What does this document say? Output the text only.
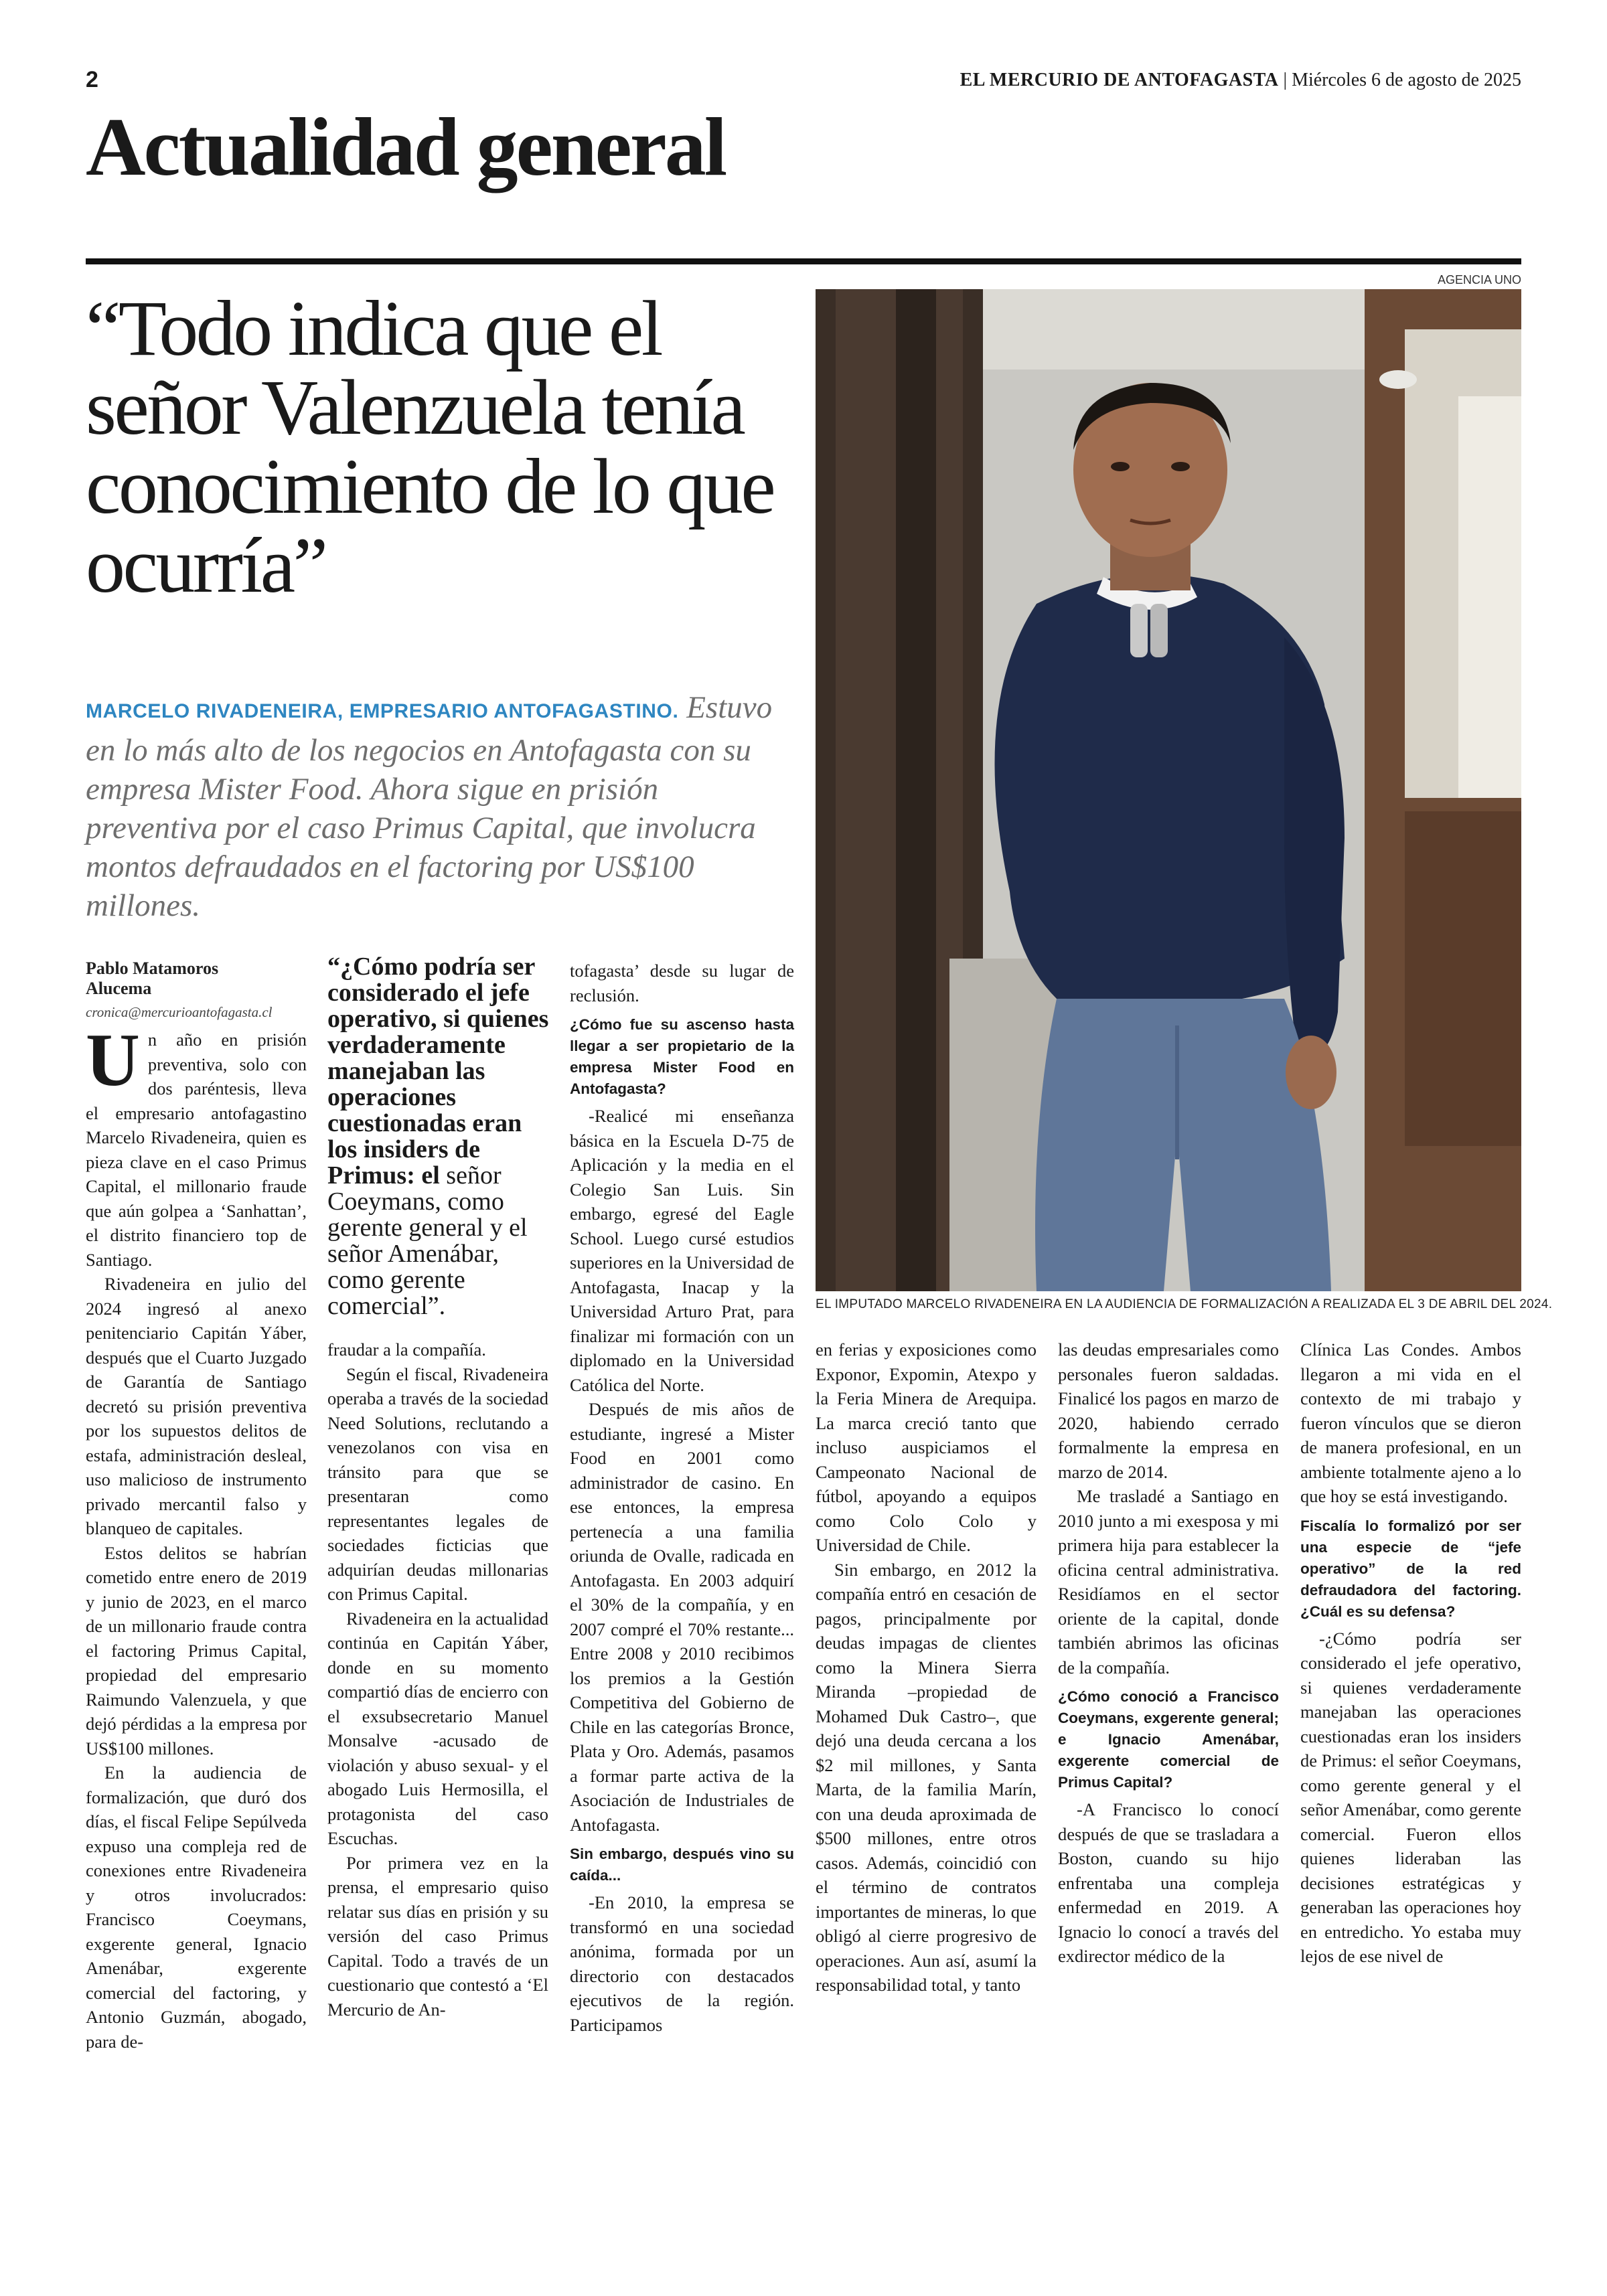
2	EL MERCURIO DE ANTOFAGASTA | Miércoles 6 de agosto de 2025
Actualidad general
AGENCIA UNO
“Todo indica que el señor Valenzuela tenía conocimiento de lo que ocurría”
EL IMPUTADO MARCELO RIVADENEIRA EN LA AUDIENCIA DE FORMALIZACIÓN A REALIZADA EL 3 DE ABRIL DEL 2024.
MARCELO RIVADENEIRA, EMPRESARIO ANTOFAGASTINO. Estuvo en lo más alto de los negocios en Antofagasta con su empresa Mister Food. Ahora sigue en prisión preventiva por el caso Primus Capital, que involucra montos defraudados en el factoring por US$100 millones.
Pablo Matamoros Alucema
cronica@mercurioantofagasta.cl
“¿Cómo podría ser considerado el jefe operativo, si quienes verdaderamente manejaban las operaciones cuestionadas eran los insiders de Primus: el señor Coeymans, como gerente general y el señor Amenábar, como gerente comercial”.

Un año en prisión preventiva, solo con dos paréntesis, lleva el empresario antofagastino Marcelo Rivadeneira, quien es pieza clave en el caso Primus Capital, el millonario fraude que aún golpea a ‘Sanhattan’, el distrito financiero top de Santiago.

Rivadeneira en julio del 2024 ingresó al anexo penitenciario Capitán Yáber, después que el Cuarto Juzgado de Garantía de Santiago decretó su prisión preventiva por los supuestos delitos de estafa, administración desleal, uso malicioso de instrumento privado mercantil falso y blanqueo de capitales.

Estos delitos se habrían cometido entre enero de 2019 y junio de 2023, en el marco de un millonario fraude contra el factoring Primus Capital, propiedad del empresario Raimundo Valenzuela, y que dejó pérdidas a la empresa por US$100 millones.

En la audiencia de formalización, que duró dos días, el fiscal Felipe Sepúlveda expuso una compleja red de conexiones entre Rivadeneira y otros involucrados: Francisco Coeymans, exgerente general, Ignacio Amenábar, exgerente comercial del factoring, y Antonio Guzmán, abogado, para de-

fraudar a la compañía.

Según el fiscal, Rivadeneira operaba a través de la sociedad Need Solutions, reclutando a venezolanos con visa en tránsito para que se presentaran como representantes legales de sociedades ficticias que adquirían deudas millonarias con Primus Capital.

Rivadeneira en la actualidad continúa en Capitán Yáber, donde en su momento compartió días de encierro con el exsubsecretario Manuel Monsalve -acusado de violación y abuso sexual- y el abogado Luis Hermosilla, el protagonista del caso Escuchas.

Por primera vez en la prensa, el empresario quiso relatar sus días en prisión y su versión del caso Primus Capital. Todo a través de un cuestionario que contestó a ‘El Mercurio de An-

tofagasta’ desde su lugar de reclusión.

¿Cómo fue su ascenso hasta llegar a ser propietario de la empresa Mister Food en Antofagasta?

-Realicé mi enseñanza básica en la Escuela D-75 de Aplicación y la media en el Colegio San Luis. Sin embargo, egresé del Eagle School. Luego cursé estudios superiores en la Universidad de Antofagasta, Inacap y la Universidad Arturo Prat, para finalizar mi formación con un diplomado en la Universidad Católica del Norte.

Después de mis años de estudiante, ingresé a Mister Food en 2001 como administrador de casino. En ese entonces, la empresa pertenecía a una familia oriunda de Ovalle, radicada en Antofagasta. En 2003 adquirí el 30% de la compañía, y en 2007 compré el 70% restante... Entre 2008 y 2010 recibimos los premios a la Gestión Competitiva del Gobierno de Chile en las categorías Bronce, Plata y Oro. Además, pasamos a formar parte activa de la Asociación de Industriales de Antofagasta.

Sin embargo, después vino su caída...

-En 2010, la empresa se transformó en una sociedad anónima, formada por un directorio con destacados ejecutivos de la región. Participamos

en ferias y exposiciones como Exponor, Expomin, Atexpo y la Feria Minera de Arequipa. La marca creció tanto que incluso auspiciamos el Campeonato Nacional de fútbol, apoyando a equipos como Colo Colo y Universidad de Chile.

Sin embargo, en 2012 la compañía entró en cesación de pagos, principalmente por deudas impagas de clientes como la Minera Sierra Miranda –propiedad de Mohamed Duk Castro–, que dejó una deuda cercana a los $2 mil millones, y Santa Marta, de la familia Marín, con una deuda aproximada de $500 millones, entre otros casos. Además, coincidió con el término de contratos importantes de mineras, lo que obligó al cierre progresivo de operaciones. Aun así, asumí la responsabilidad total, y tanto

las deudas empresariales como personales fueron saldadas. Finalicé los pagos en marzo de 2020, habiendo cerrado formalmente la empresa en marzo de 2014.

Me trasladé a Santiago en 2010 junto a mi exesposa y mi primera hija para establecer la oficina central administrativa. Residíamos en el sector oriente de la capital, donde también abrimos las oficinas de la compañía.

¿Cómo conoció a Francisco Coeymans, exgerente general; e Ignacio Amenábar, exgerente comercial de Primus Capital?

-A Francisco lo conocí después de que se trasladara a Boston, cuando su hijo enfrentaba una compleja enfermedad en 2019. A Ignacio lo conocí a través del exdirector médico de la

Clínica Las Condes. Ambos llegaron a mi vida en el contexto de mi trabajo y fueron vínculos que se dieron de manera profesional, en un ambiente totalmente ajeno a lo que hoy se está investigando.

Fiscalía lo formalizó por ser una especie de “jefe operativo” de la red defraudadora del factoring. ¿Cuál es su defensa?

-¿Cómo podría ser considerado el jefe operativo, si quienes verdaderamente manejaban las operaciones cuestionadas eran los insiders de Primus: el señor Coeymans, como gerente general y el señor Amenábar, como gerente comercial. Fueron ellos quienes lideraban las decisiones estratégicas y generaban las operaciones hoy en entredicho. Yo estaba muy lejos de ese nivel de
